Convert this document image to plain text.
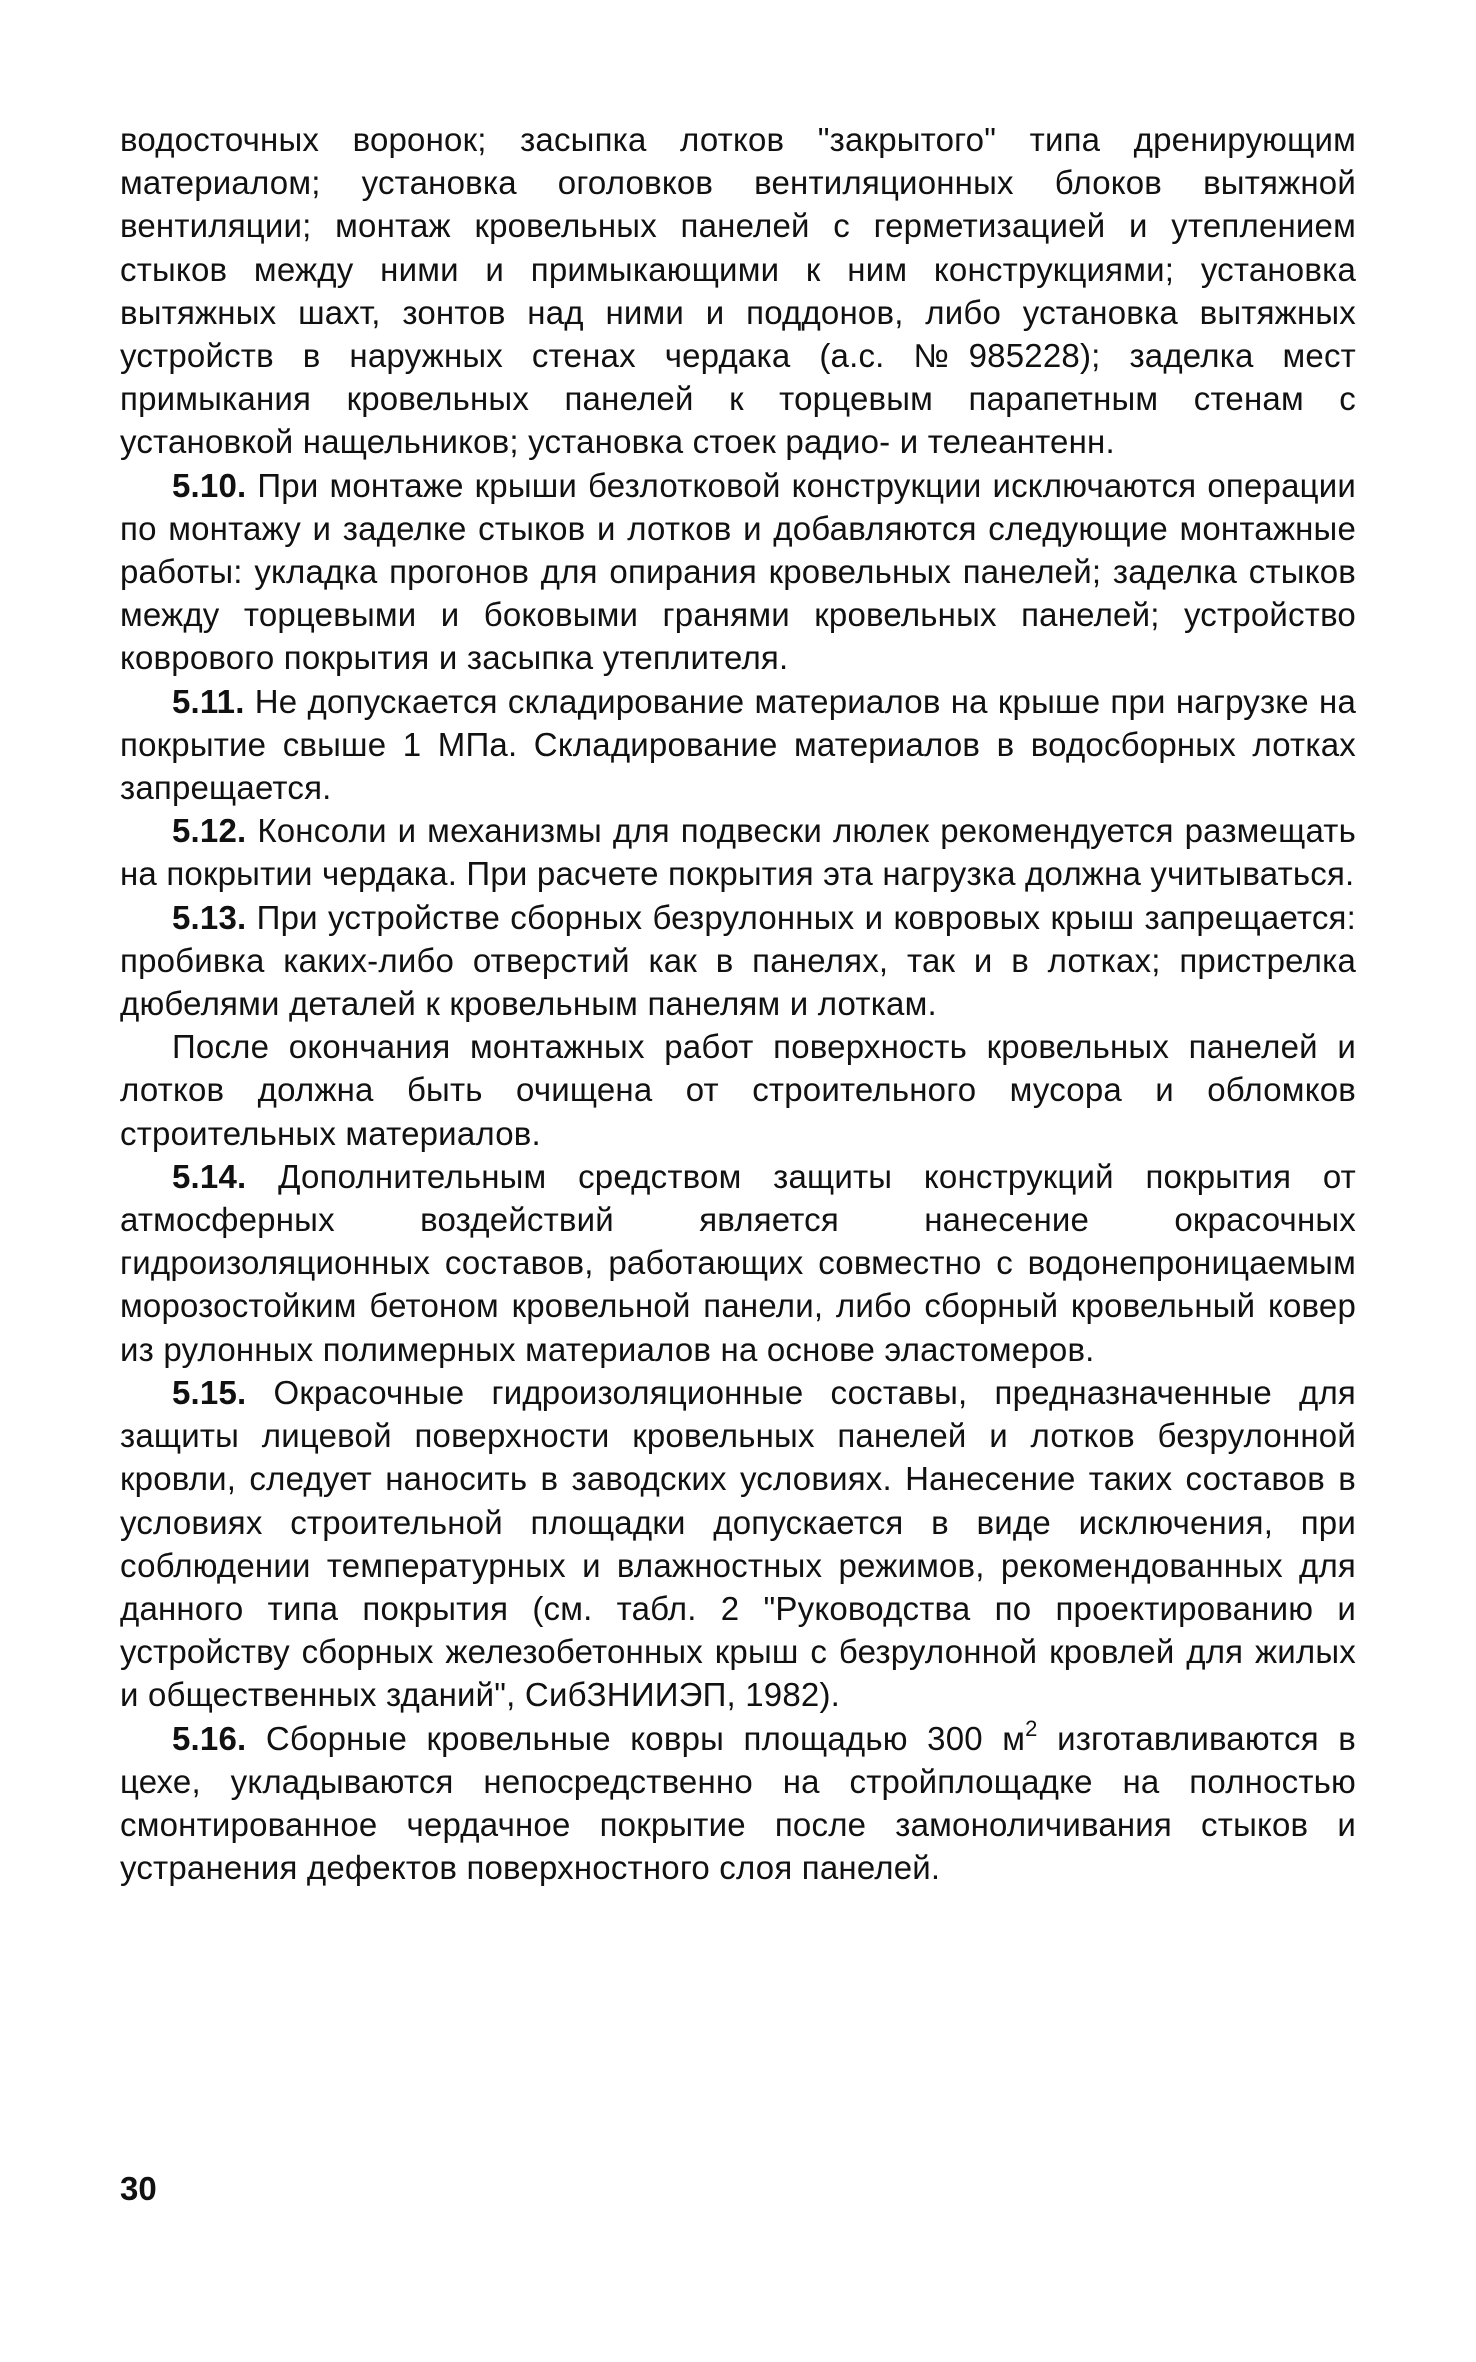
водосточных воронок; засыпка лотков "закрытого" типа дренирующим материалом; установка оголовков вентиляционных блоков вытяжной вентиляции; монтаж кровельных панелей с герметизацией и утеплением стыков между ними и примыкающими к ним конструкциями; установка вытяжных шахт, зонтов над ними и поддонов, либо установка вытяжных устройств в наружных стенах чердака (а.с. №985228); заделка мест примыкания кровельных панелей к торцевым парапетным стенам с установкой нащельников; установка стоек радио- и телеантенн.

5.10. При монтаже крыши безлотковой конструкции исключаются операции по монтажу и заделке стыков и лотков и добавляются следующие монтажные работы: укладка прогонов для опирания кровельных панелей; заделка стыков между торцевыми и боковыми гранями кровельных панелей; устройство коврового покрытия и засыпка утеплителя.

5.11. Не допускается складирование материалов на крыше при нагрузке на покрытие свыше 1 МПа. Складирование материалов в водосборных лотках запрещается.

5.12. Консоли и механизмы для подвески люлек рекомендуется размещать на покрытии чердака. При расчете покрытия эта нагрузка должна учитываться.

5.13. При устройстве сборных безрулонных и ковровых крыш запрещается: пробивка каких-либо отверстий как в панелях, так и в лотках; пристрелка дюбелями деталей к кровельным панелям и лоткам.

После окончания монтажных работ поверхность кровельных панелей и лотков должна быть очищена от строительного мусора и обломков строительных материалов.

5.14. Дополнительным средством защиты конструкций покрытия от атмосферных воздействий является нанесение окрасочных гидроизоляционных составов, работающих совместно с водонепроницаемым морозостойким бетоном кровельной панели, либо сборный кровельный ковер из рулонных полимерных материалов на основе эластомеров.

5.15. Окрасочные гидроизоляционные составы, предназначенные для защиты лицевой поверхности кровельных панелей и лотков безрулонной кровли, следует наносить в заводских условиях. Нанесение таких составов в условиях строительной площадки допускается в виде исключения, при соблюдении температурных и влажностных режимов, рекомендованных для данного типа покрытия (см. табл. 2 "Руководства по проектированию и устройству сборных железобетонных крыш с безрулонной кровлей для жилых и общественных зданий", СибЗНИИЭП, 1982).

5.16. Сборные кровельные ковры площадью 300 $м^2$ изготавливаются в цехе, укладываются непосредственно на стройплощадке на полностью смонтированное чердачное покрытие после замоноличивания стыков и устранения дефектов поверхностного слоя панелей.

30
